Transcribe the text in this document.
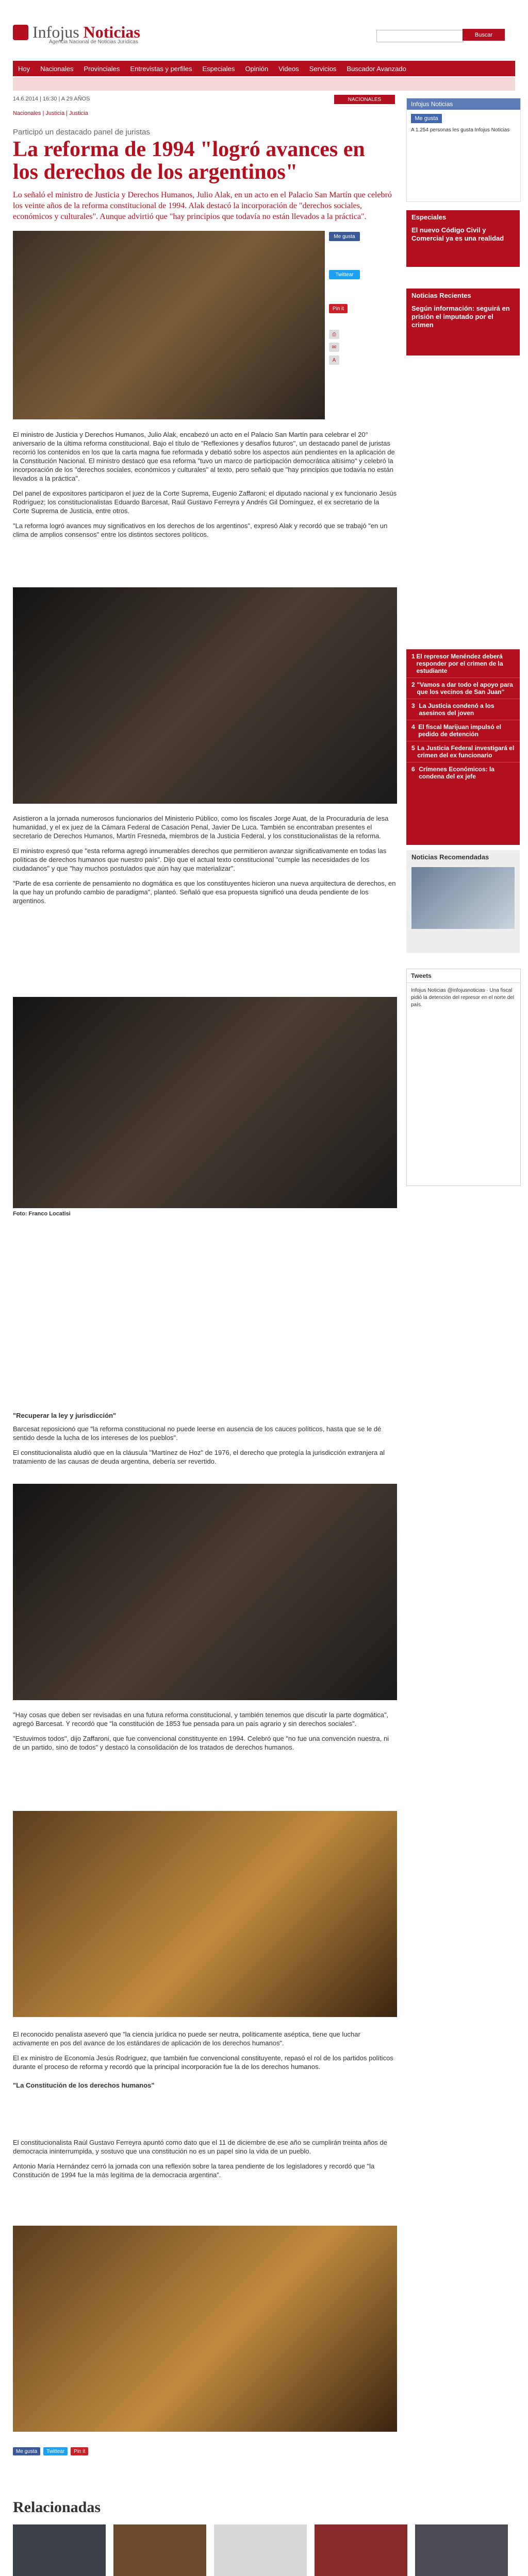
Infojus Noticias
Agencia Nacional de Noticias Jurídicas
Buscar
Hoy	Nacionales	Provinciales	Entrevistas y perfiles	Especiales	Opinión	Videos	Servicios	Buscador Avanzado
14.6.2014 | 16:30 | A 29 AÑOS	NACIONALES
Nacionales | Justicia | Justicia
Participó un destacado panel de juristas
La reforma de 1994 "logró avances en los derechos de los argentinos"
Lo señaló el ministro de Justicia y Derechos Humanos, Julio Alak, en un acto en el Palacio San Martín que celebró los veinte años de la reforma constitucional de 1994. Alak destacó la incorporación de "derechos sociales, económicos y culturales". Aunque advirtió que "hay principios que todavía no están llevados a la práctica".
Me gusta
Twittear
Pin it
⎙
✉
A

El ministro de Justicia y Derechos Humanos, Julio Alak, encabezó un acto en el Palacio San Martín para celebrar el 20° aniversario de la última reforma constitucional. Bajo el título de "Reflexiones y desafíos futuros", un destacado panel de juristas recorrió los contenidos en los que la carta magna fue reformada y debatió sobre los aspectos aún pendientes en la aplicación de la Constitución Nacional. El ministro destacó que esa reforma "tuvo un marco de participación democrática altísimo" y celebró la incorporación de los "derechos sociales, económicos y culturales" al texto, pero señaló que "hay principios que todavía no están llevados a la práctica".

Del panel de expositores participaron el juez de la Corte Suprema, Eugenio Zaffaroni; el diputado nacional y ex funcionario Jesús Rodríguez; los constitucionalistas Eduardo Barcesat, Raúl Gustavo Ferreyra y Andrés Gil Domínguez, el ex secretario de la Corte Suprema de Justicia, entre otros.

"La reforma logró avances muy significativos en los derechos de los argentinos", expresó Alak y recordó que se trabajó "en un clima de amplios consensos" entre los distintos sectores políticos.

Asistieron a la jornada numerosos funcionarios del Ministerio Público, como los fiscales Jorge Auat, de la Procuraduría de lesa humanidad, y el ex juez de la Cámara Federal de Casación Penal, Javier De Luca. También se encontraban presentes el secretario de Derechos Humanos, Martín Fresneda, miembros de la Justicia Federal, y los constitucionalistas de la reforma.

El ministro expresó que "esta reforma agregó innumerables derechos que permitieron avanzar significativamente en todas las políticas de derechos humanos que nuestro país". Dijo que el actual texto constitucional "cumple las necesidades de los ciudadanos" y que "hay muchos postulados que aún hay que materializar".

"Parte de esa corriente de pensamiento no dogmática es que los constituyentes hicieron una nueva arquitectura de derechos, en la que hay un profundo cambio de paradigma", planteó. Señaló que esa propuesta significó una deuda pendiente de los argentinos.

Foto: Franco Locatisi
"Recuperar la ley y jurisdicción"

Barcesat reposicionó que "la reforma constitucional no puede leerse en ausencia de los cauces políticos, hasta que se le dé sentido desde la lucha de los intereses de los pueblos".

El constitucionalista aludió que en la cláusula "Martínez de Hoz" de 1976, el derecho que protegía la jurisdicción extranjera al tratamiento de las causas de deuda argentina, debería ser revertido.

"Hay cosas que deben ser revisadas en una futura reforma constitucional, y también tenemos que discutir la parte dogmática", agregó Barcesat. Y recordó que "la constitución de 1853 fue pensada para un país agrario y sin derechos sociales".

"Estuvimos todos", dijo Zaffaroni, que fue convencional constituyente en 1994. Celebró que "no fue una convención nuestra, ni de un partido, sino de todos" y destacó la consolidación de los tratados de derechos humanos.

El reconocido penalista aseveró que "la ciencia jurídica no puede ser neutra, políticamente aséptica, tiene que luchar activamente en pos del avance de los estándares de aplicación de los derechos humanos".

El ex ministro de Economía Jesús Rodríguez, que también fue convencional constituyente, repasó el rol de los partidos políticos durante el proceso de reforma y recordó que la principal incorporación fue la de los derechos humanos.

"La Constitución de los derechos humanos"

El constitucionalista Raúl Gustavo Ferreyra apuntó como dato que el 11 de diciembre de ese año se cumplirán treinta años de democracia ininterrumpida, y sostuvo que una constitución no es un papel sino la vida de un pueblo.

Antonio María Hernández cerró la jornada con una reflexión sobre la tarea pendiente de los legisladores y recordó que "la Constitución de 1994 fue la más legítima de la democracia argentina".

Me gusta	Twittear	Pin it
Relacionadas
Infojus Noticias
Me gusta
A 1.254 personas les gusta Infojus Noticias
Especiales
El nuevo Código Civil y Comercial ya es una realidad
Noticias Recientes
Según información: seguirá en prisión el imputado por el crimen
1 El represor Menéndez deberá responder por el crimen de la estudiante
2 "Vamos a dar todo el apoyo para que los vecinos de San Juan"
3 La Justicia condenó a los asesinos del joven
4 El fiscal Marijuan impulsó el pedido de detención
5 La Justicia Federal investigará el crimen del ex funcionario
6 Crímenes Económicos: la condena del ex jefe
Noticias Recomendadas
Tweets
Infojus Noticias @infojusnoticias · Una fiscal pidió la detención del represor en el norte del país.
